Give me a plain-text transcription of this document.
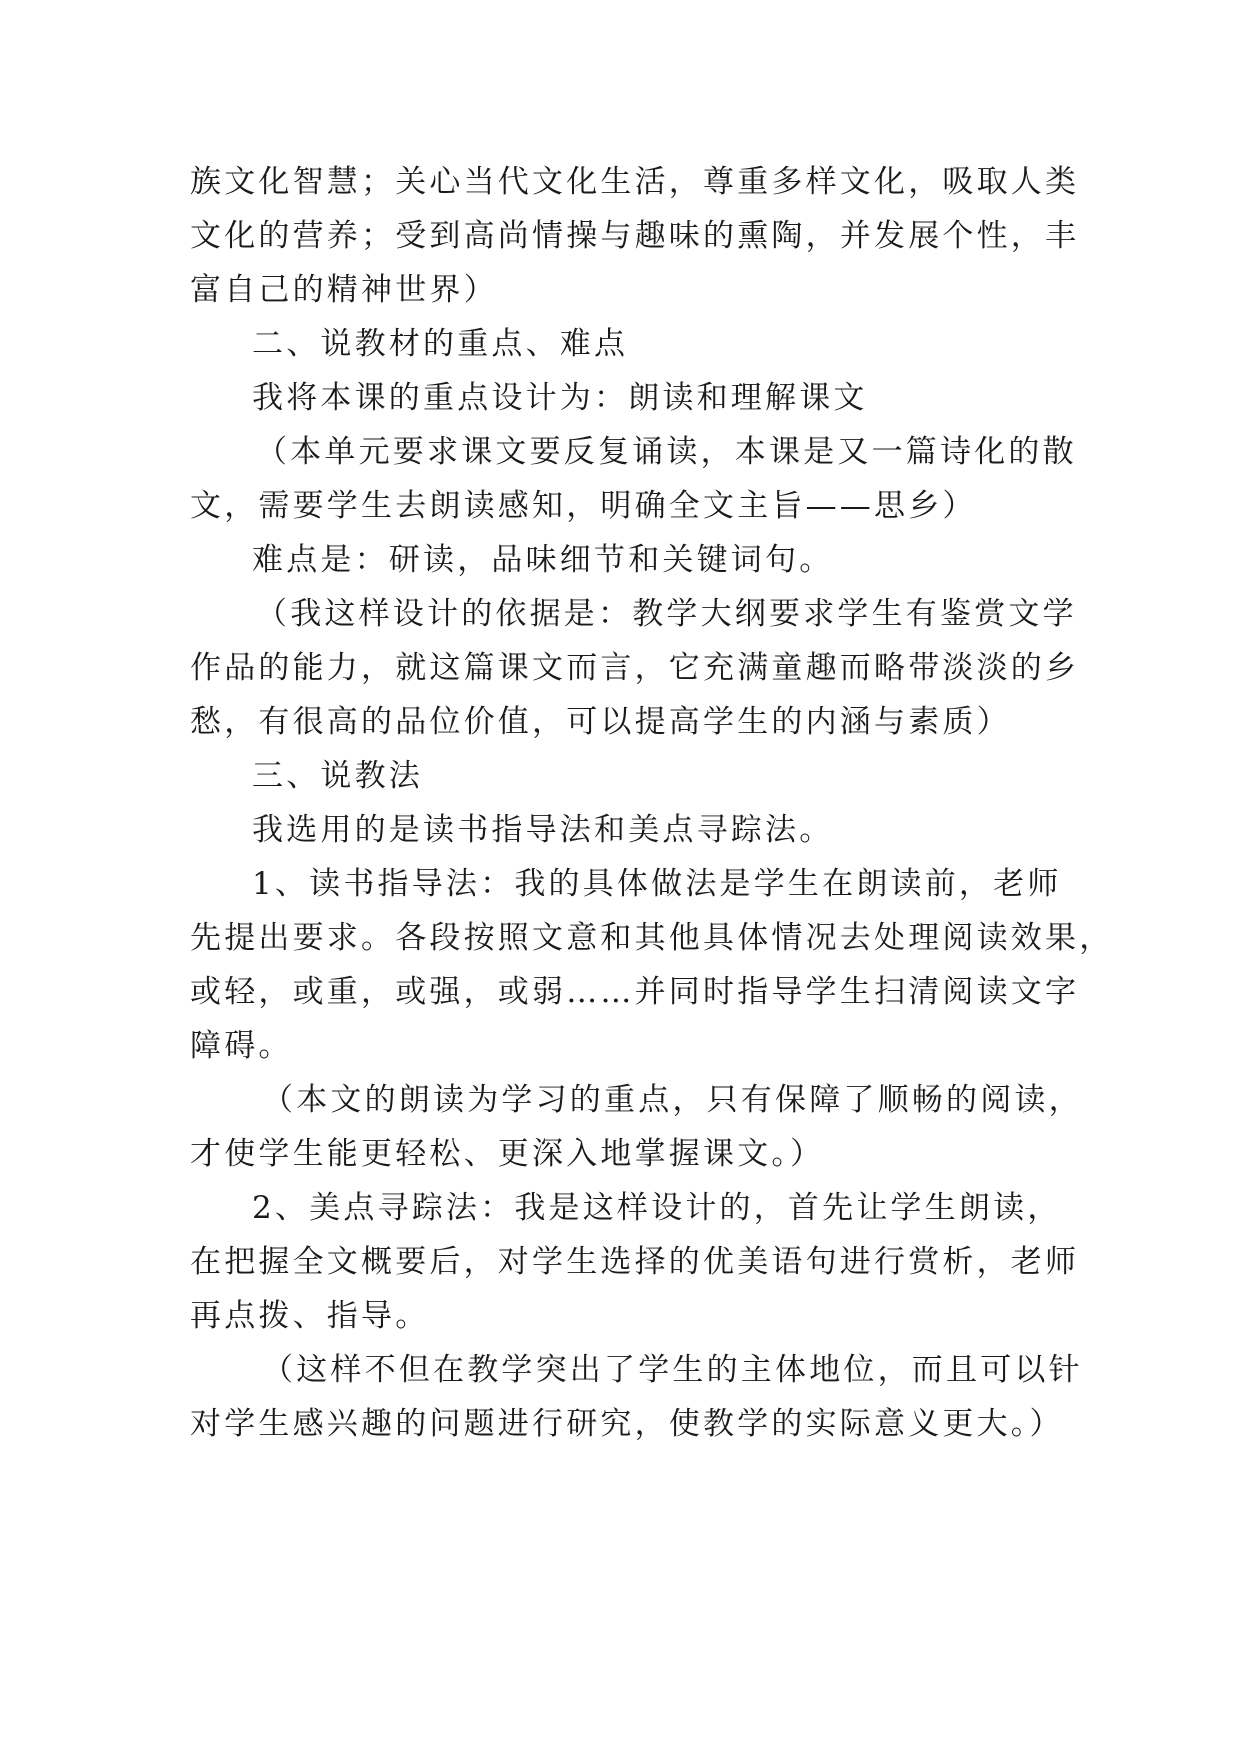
族文化智慧；关心当代文化生活，尊重多样文化，吸取人类
文化的营养；受到高尚情操与趣味的熏陶，并发展个性，丰
富自己的精神世界）
二、说教材的重点、难点
我将本课的重点设计为：朗读和理解课文
（本单元要求课文要反复诵读，本课是又一篇诗化的散
文，需要学生去朗读感知，明确全文主旨——思乡）
难点是：研读，品味细节和关键词句。
（我这样设计的依据是：教学大纲要求学生有鉴赏文学
作品的能力，就这篇课文而言，它充满童趣而略带淡淡的乡
愁，有很高的品位价值，可以提高学生的内涵与素质）
三、说教法
我选用的是读书指导法和美点寻踪法。
1、读书指导法：我的具体做法是学生在朗读前，老师
先提出要求。各段按照文意和其他具体情况去处理阅读效果，
或轻，或重，或强，或弱……并同时指导学生扫清阅读文字
障碍。
（本文的朗读为学习的重点，只有保障了顺畅的阅读，
才使学生能更轻松、更深入地掌握课文。）
2、美点寻踪法：我是这样设计的，首先让学生朗读，
在把握全文概要后，对学生选择的优美语句进行赏析，老师
再点拨、指导。
（这样不但在教学突出了学生的主体地位，而且可以针
对学生感兴趣的问题进行研究，使教学的实际意义更大。）
